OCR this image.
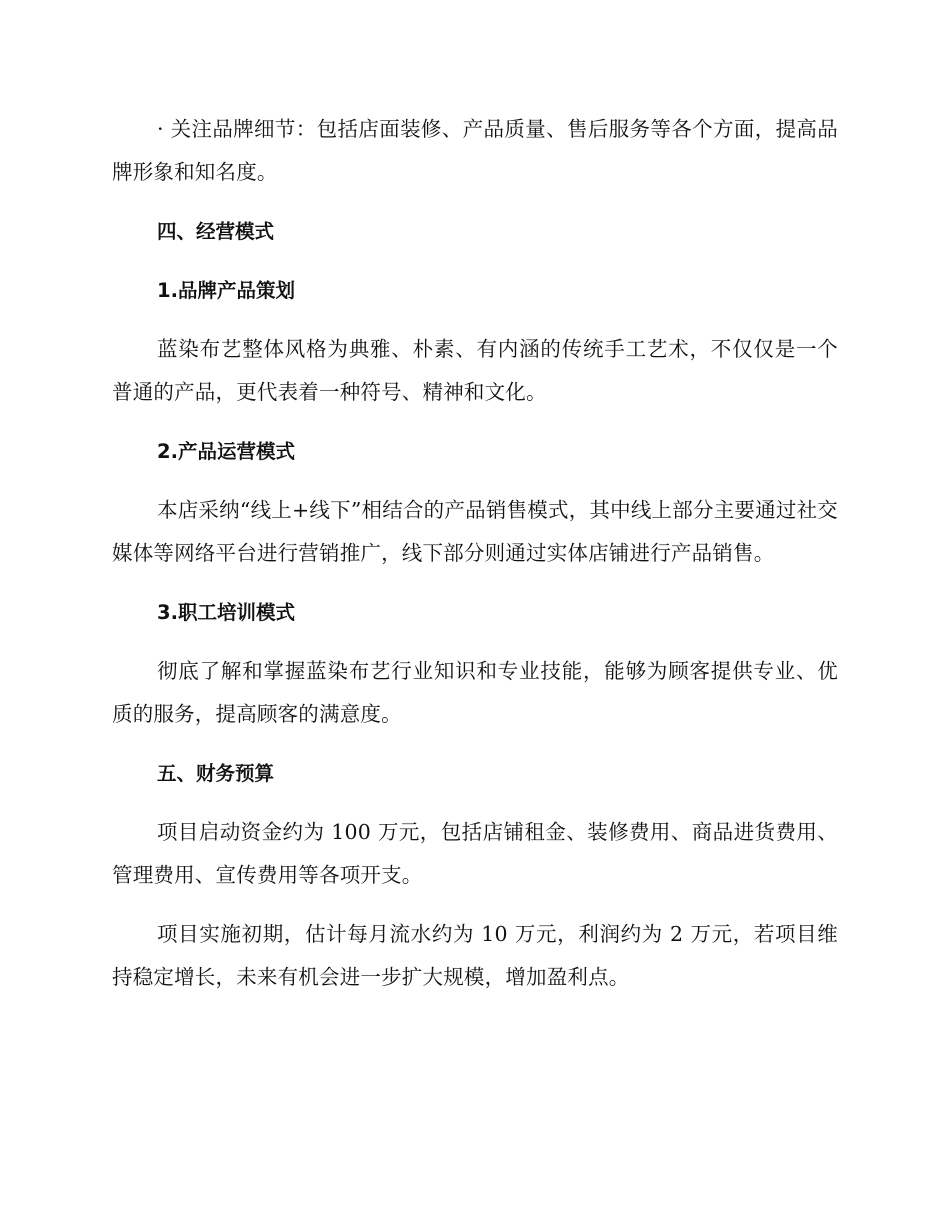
· 关注品牌细节：包括店面装修、产品质量、售后服务等各个方面，提高品牌形象和知名度。

四、经营模式
1.品牌产品策划

蓝染布艺整体风格为典雅、朴素、有内涵的传统手工艺术，不仅仅是一个普通的产品，更代表着一种符号、精神和文化。

2.产品运营模式

本店采纳“线上+线下”相结合的产品销售模式，其中线上部分主要通过社交媒体等网络平台进行营销推广，线下部分则通过实体店铺进行产品销售。

3.职工培训模式

彻底了解和掌握蓝染布艺行业知识和专业技能，能够为顾客提供专业、优质的服务，提高顾客的满意度。

五、财务预算

项目启动资金约为 100 万元，包括店铺租金、装修费用、商品进货费用、管理费用、宣传费用等各项开支。

项目实施初期，估计每月流水约为 10 万元，利润约为 2 万元，若项目维持稳定增长，未来有机会进一步扩大规模，增加盈利点。
